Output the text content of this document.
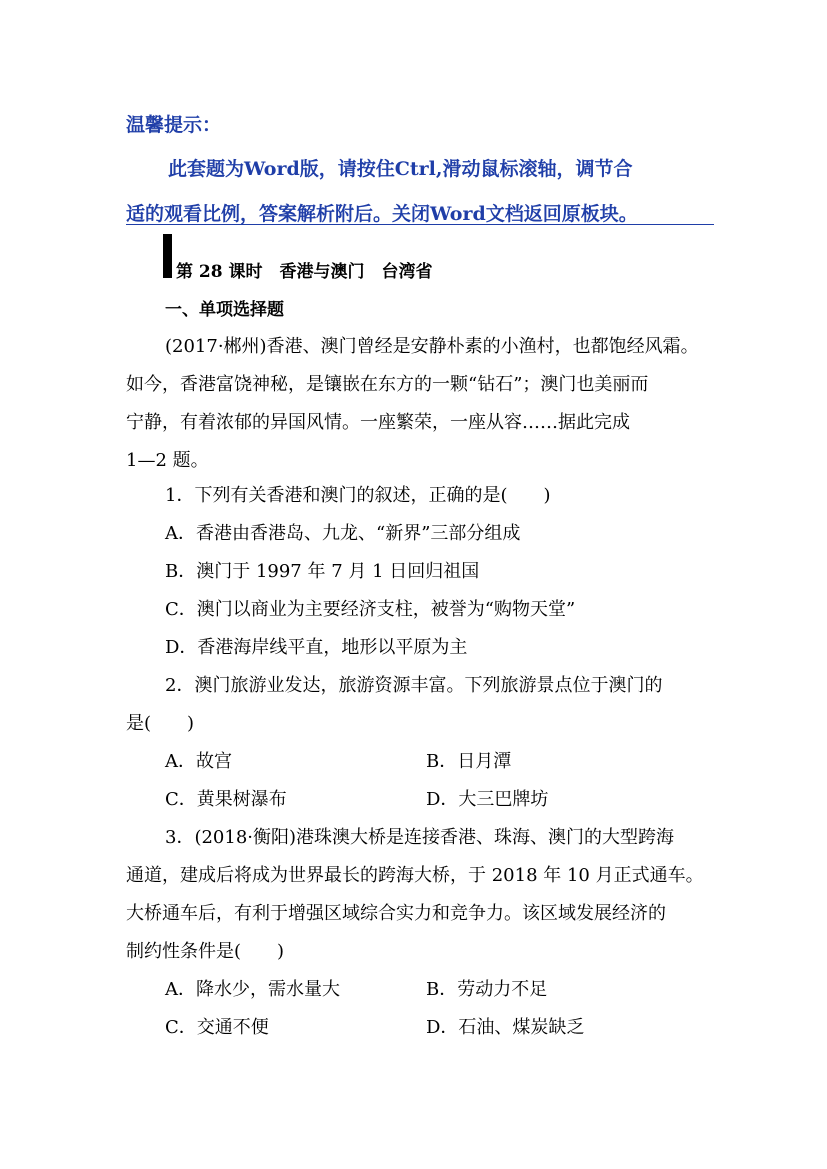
温馨提示：
此套题为Word版，请按住Ctrl,滑动鼠标滚轴，调节合
适的观看比例，答案解析附后。关闭Word文档返回原板块。
第 28 课时　香港与澳门　台湾省
一、单项选择题
(2017·郴州)香港、澳门曾经是安静朴素的小渔村，也都饱经风霜。
如今，香港富饶神秘，是镶嵌在东方的一颗“钻石”；澳门也美丽而
宁静，有着浓郁的异国风情。一座繁荣，一座从容……据此完成
1—2 题。
1．下列有关香港和澳门的叙述，正确的是(　　)
A．香港由香港岛、九龙、“新界”三部分组成
B．澳门于 1997 年 7 月 1 日回归祖国
C．澳门以商业为主要经济支柱，被誉为“购物天堂”
D．香港海岸线平直，地形以平原为主
2．澳门旅游业发达，旅游资源丰富。下列旅游景点位于澳门的
是(　　)
A．故宫	B．日月潭
C．黄果树瀑布	D．大三巴牌坊
3．(2018·衡阳)港珠澳大桥是连接香港、珠海、澳门的大型跨海
通道，建成后将成为世界最长的跨海大桥，于 2018 年 10 月正式通车。
大桥通车后，有利于增强区域综合实力和竞争力。该区域发展经济的
制约性条件是(　　)
A．降水少，需水量大	B．劳动力不足
C．交通不便	D．石油、煤炭缺乏
